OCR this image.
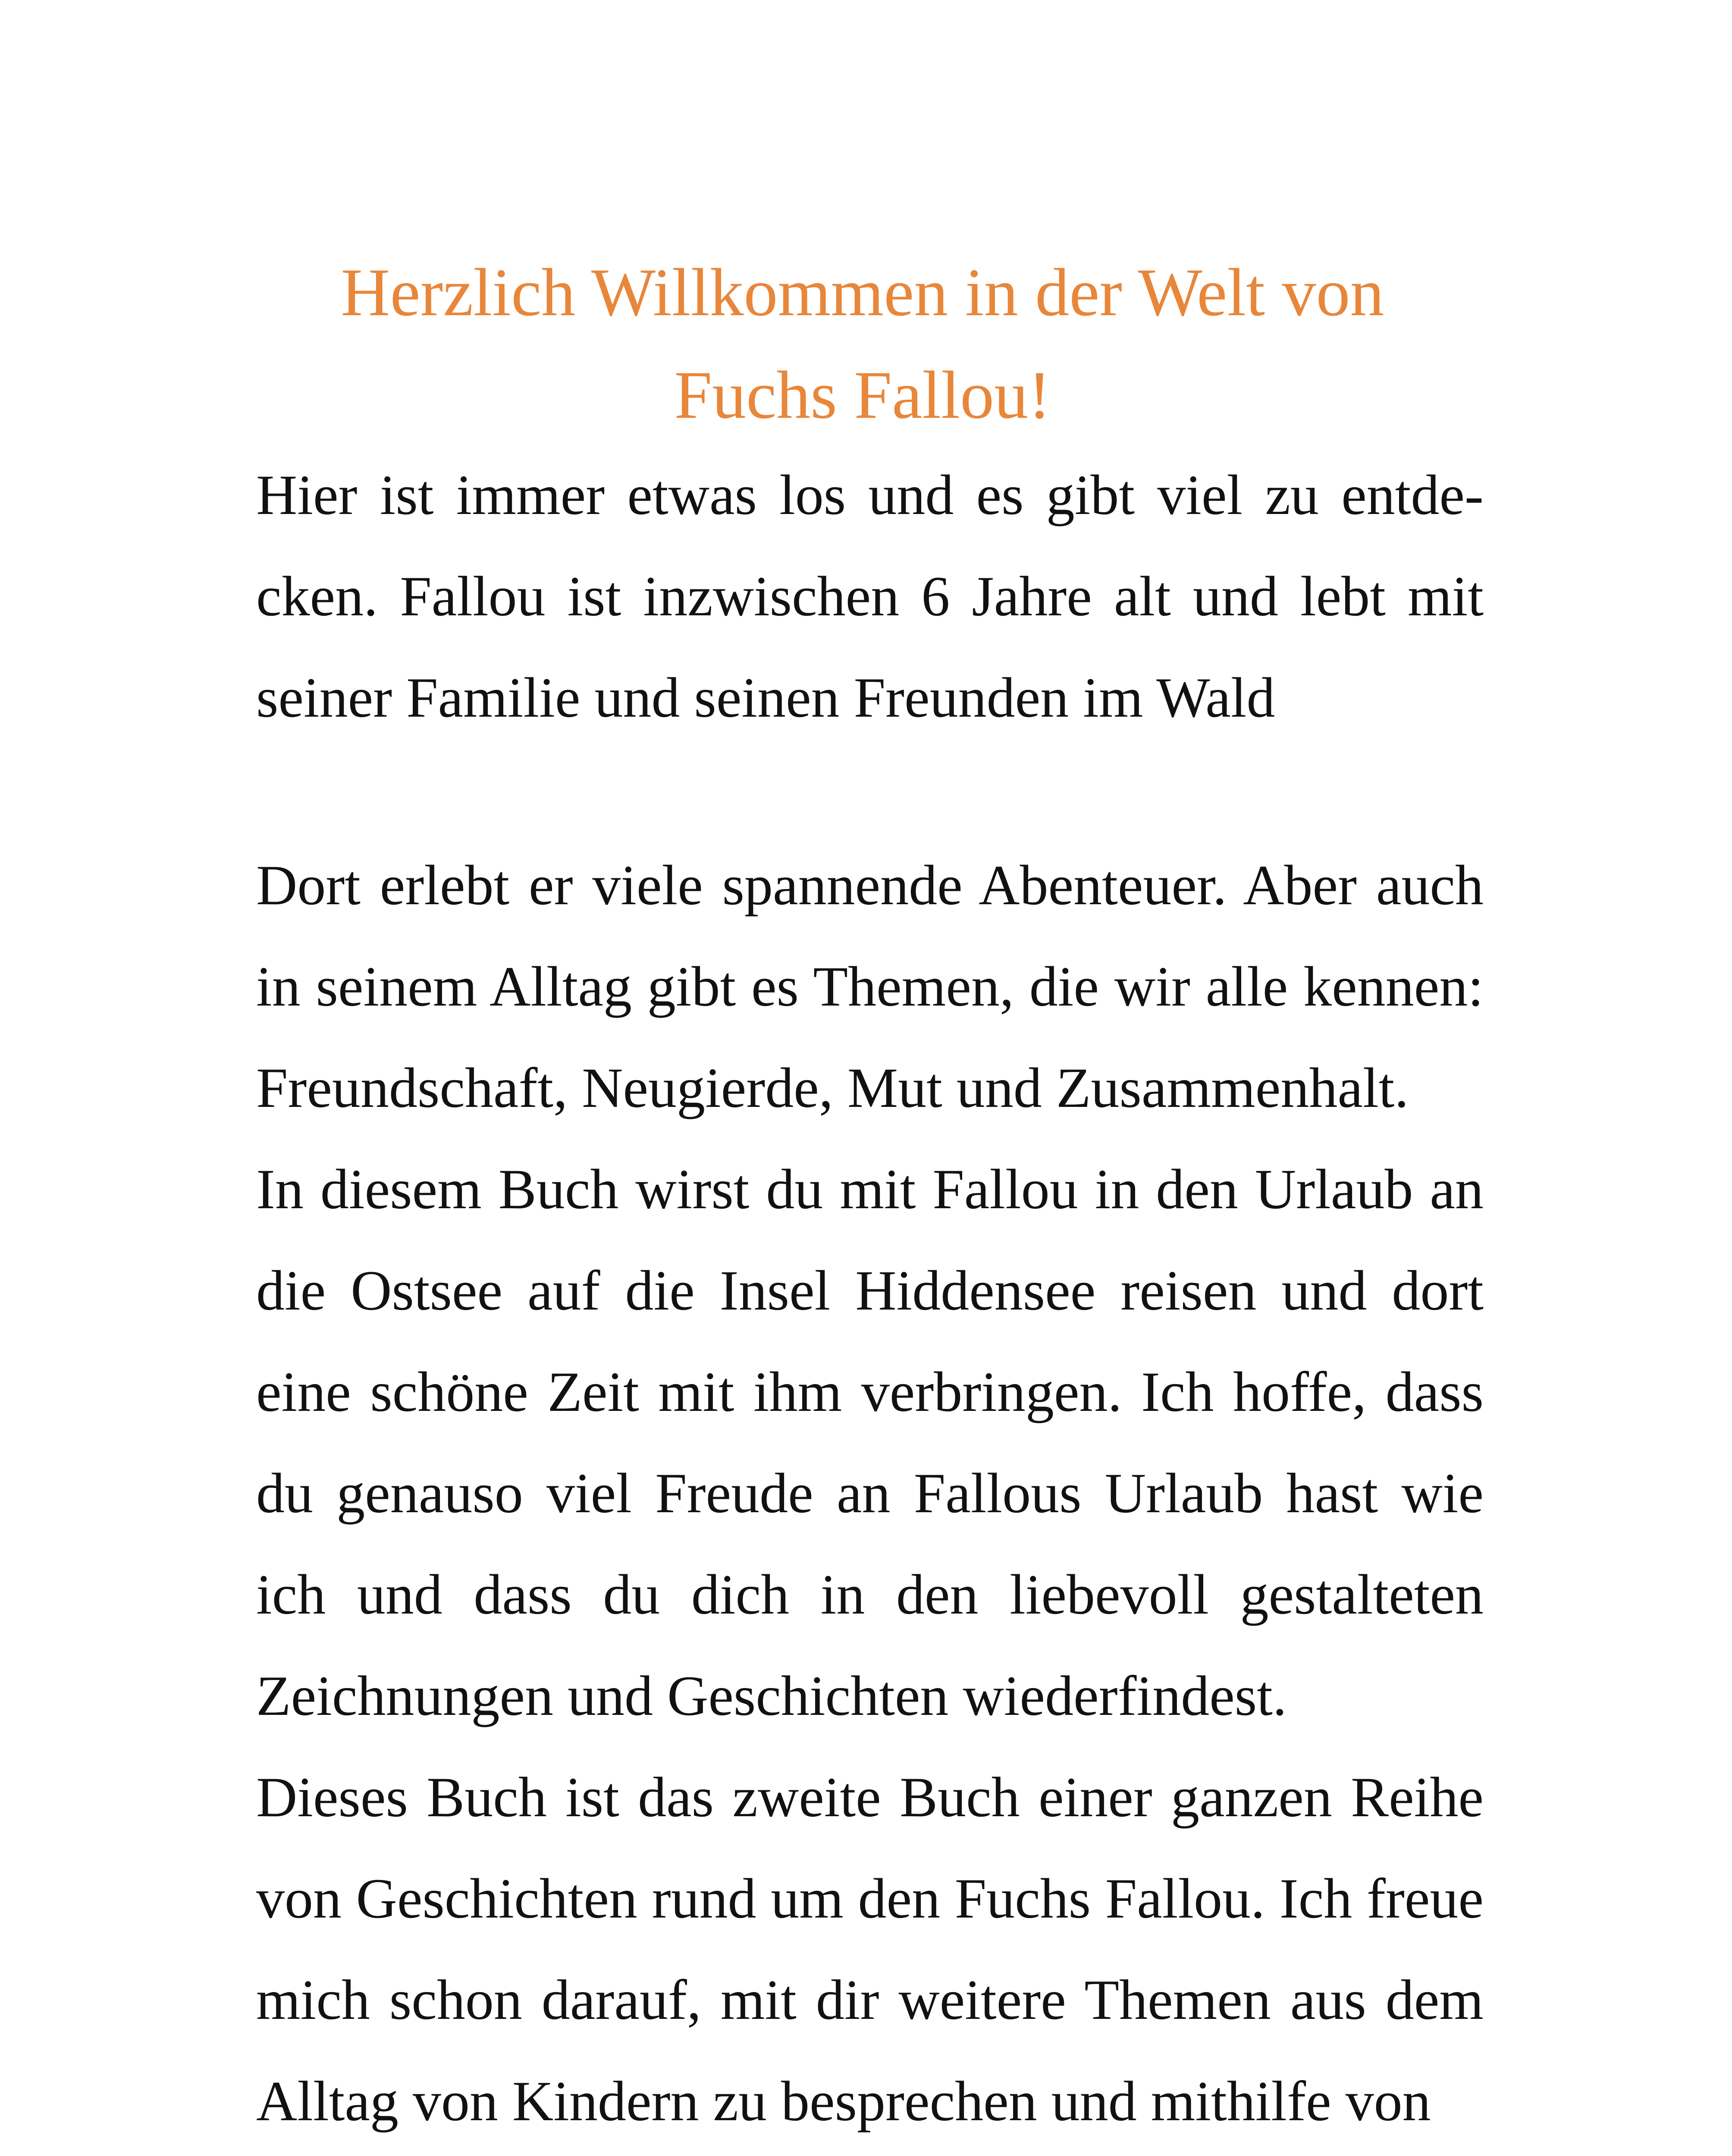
Herzlich Willkommen in der Welt von
Fuchs Fallou!

Hier ist immer etwas los und es gibt viel zu entdecken. Fallou ist inzwischen 6 Jahre alt und lebt mit seiner Familie und seinen Freunden im Wald

Dort erlebt er viele spannende Abenteuer. Aber auch in seinem Alltag gibt es Themen, die wir alle kennen: Freundschaft, Neugierde, Mut und Zusammenhalt.

In diesem Buch wirst du mit Fallou in den Urlaub an die Ostsee auf die Insel Hiddensee reisen und dort eine schöne Zeit mit ihm verbringen. Ich hoffe, dass du genauso viel Freude an Fallous Urlaub hast wie ich und dass du dich in den liebevoll gestalteten Zeichnungen und Geschichten wiederfindest.

Dieses Buch ist das zweite Buch einer ganzen Reihe von Geschichten rund um den Fuchs Fallou. Ich freue mich schon darauf, mit dir weitere Themen aus dem Alltag von Kindern zu besprechen und mithilfe von
